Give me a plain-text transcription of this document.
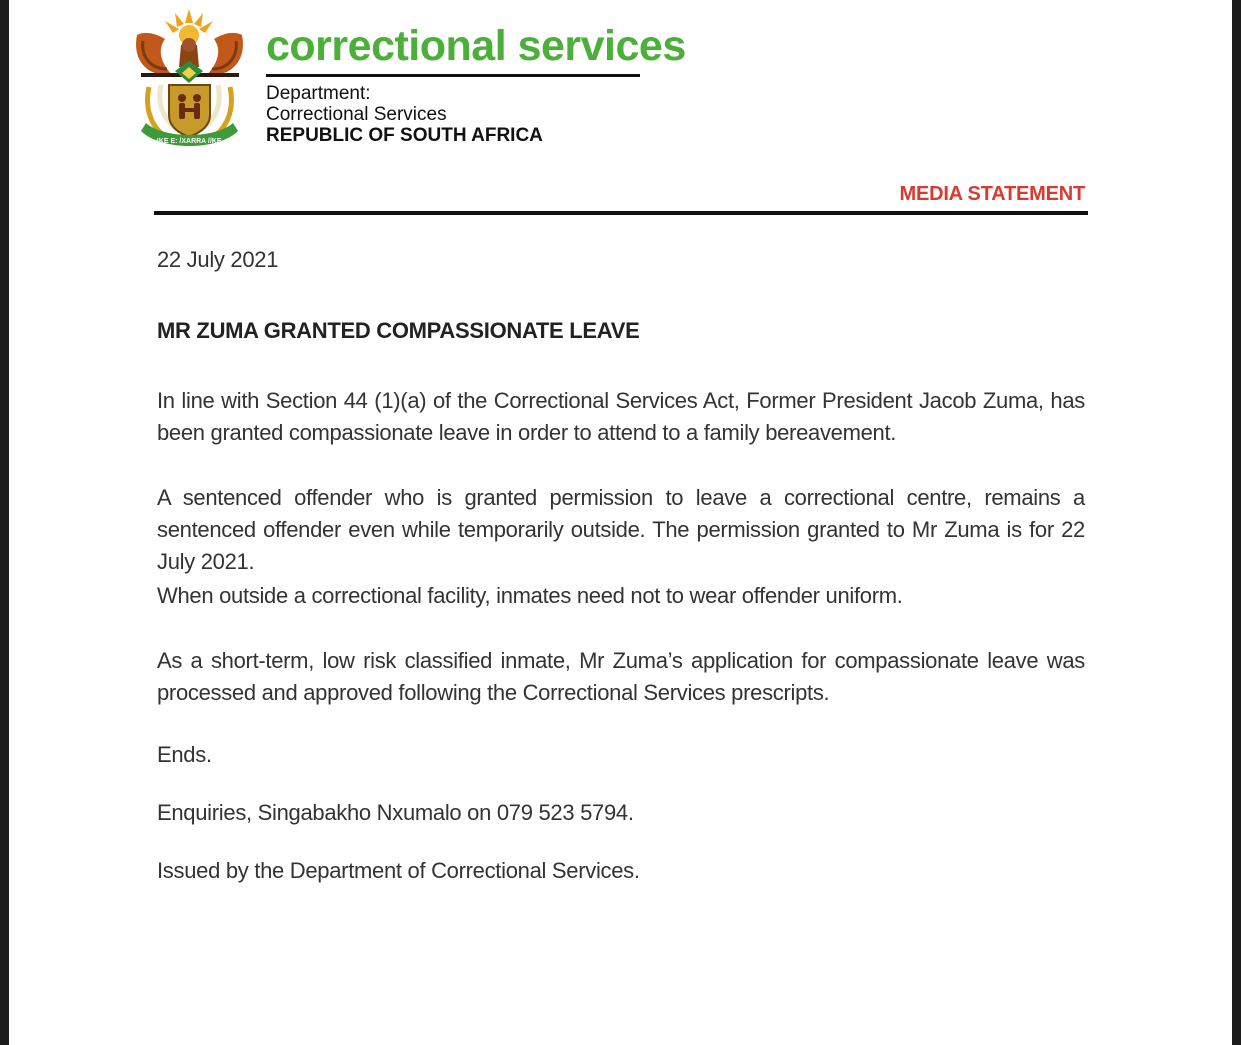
!KE E: /XARRA //KE
correctional services
Department:
Correctional Services
REPUBLIC OF SOUTH AFRICA
MEDIA STATEMENT
22 July 2021
MR ZUMA GRANTED COMPASSIONATE LEAVE
In line with Section 44 (1)(a) of the Correctional Services Act, Former President Jacob Zuma, has been granted compassionate leave in order to attend to a family bereavement.
A sentenced offender who is granted permission to leave a correctional centre, remains a sentenced offender even while temporarily outside. The permission granted to Mr Zuma is for 22 July 2021.
When outside a correctional facility, inmates need not to wear offender uniform.
As a short-term, low risk classified inmate, Mr Zuma’s application for compassionate leave was processed and approved following the Correctional Services prescripts.
Ends.
Enquiries, Singabakho Nxumalo on 079 523 5794.
Issued by the Department of Correctional Services.
